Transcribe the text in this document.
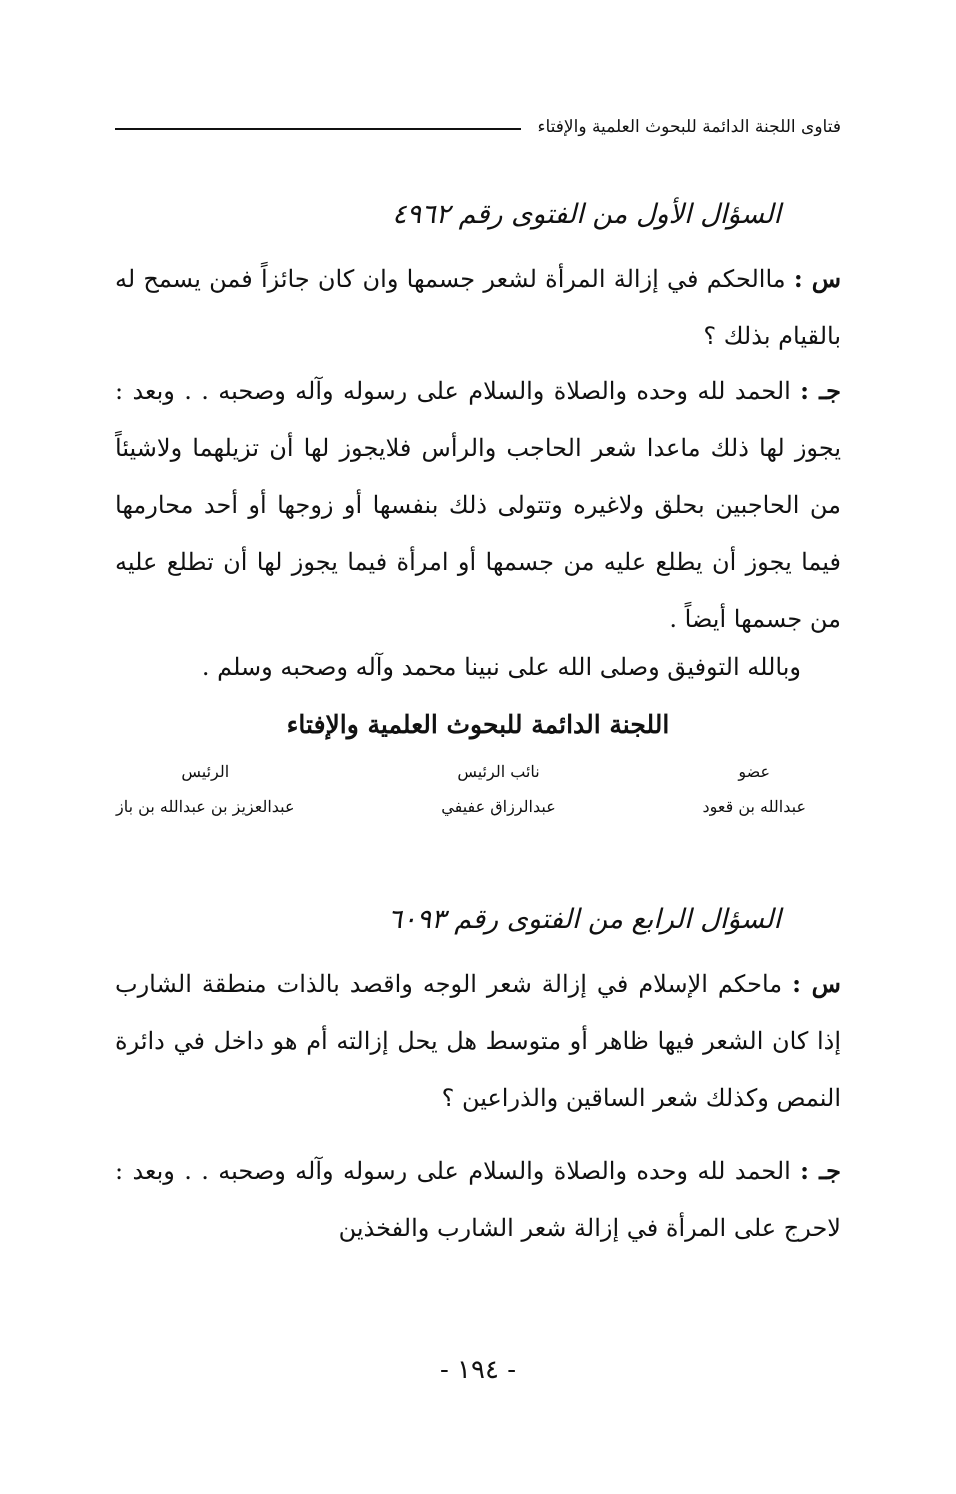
فتاوى اللجنة الدائمة للبحوث العلمية والإفتاء
السؤال الأول من الفتوى رقم ٤٩٦٢
س : ماالحكم في إزالة المرأة لشعر جسمها وان كان جائزاً فمن يسمح له بالقيام بذلك ؟
جـ : الحمد لله وحده والصلاة والسلام على رسوله وآله وصحبه . . وبعد : يجوز لها ذلك ماعدا شعر الحاجب والرأس فلايجوز لها أن تزيلهما ولاشيئاً من الحاجبين بحلق ولاغيره وتتولى ذلك بنفسها أو زوجها أو أحد محارمها فيما يجوز أن يطلع عليه من جسمها أو امرأة فيما يجوز لها أن تطلع عليه من جسمها أيضاً .
وبالله التوفيق وصلى الله على نبينا محمد وآله وصحبه وسلم .
اللجنة الدائمة للبحوث العلمية والإفتاء
عضو
عبدالله بن قعود
نائب الرئيس
عبدالرزاق عفيفي
الرئيس
عبدالعزيز بن عبدالله بن باز
السؤال الرابع من الفتوى رقم ٦٠٩٣
س : ماحكم الإسلام في إزالة شعر الوجه واقصد بالذات منطقة الشارب إذا كان الشعر فيها ظاهر أو متوسط هل يحل إزالته أم هو داخل في دائرة النمص وكذلك شعر الساقين والذراعين ؟
جـ : الحمد لله وحده والصلاة والسلام على رسوله وآله وصحبه . . وبعد : لاحرج على المرأة في إزالة شعر الشارب والفخذين
- ١٩٤ -
